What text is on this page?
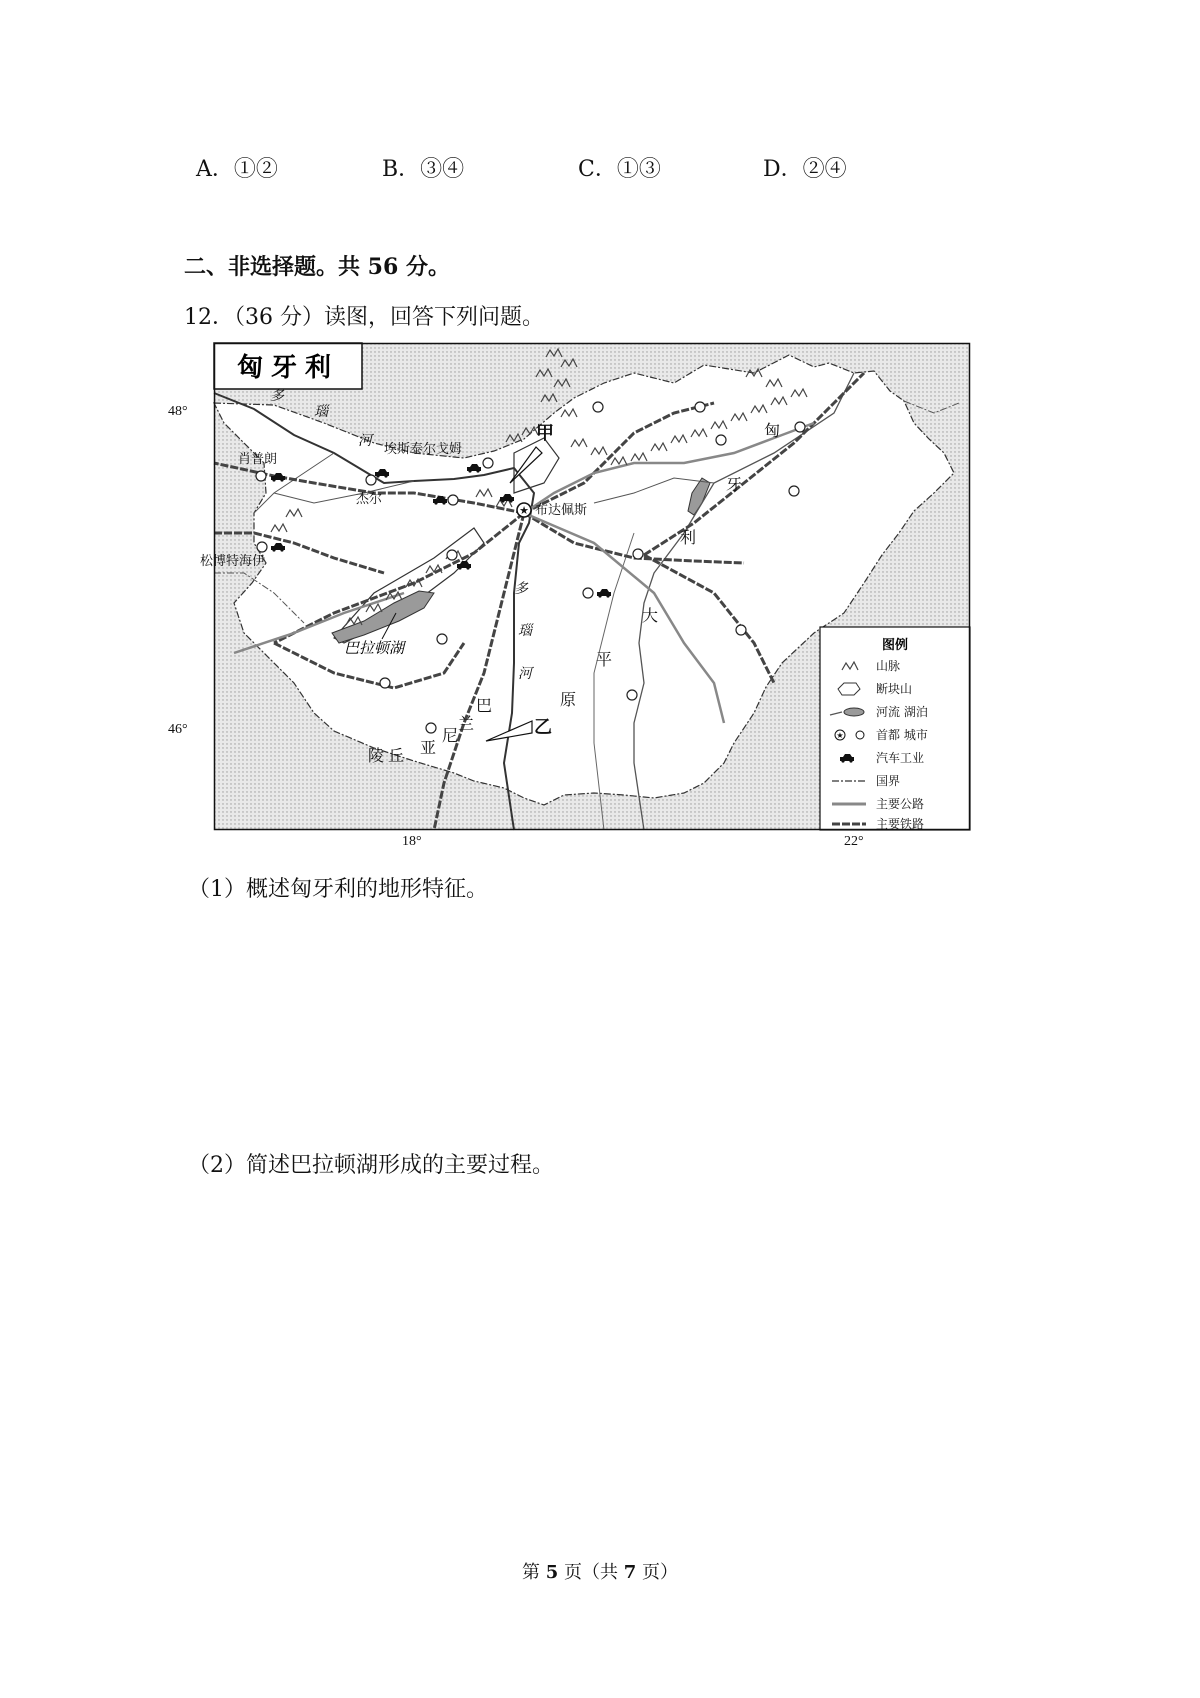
A．①②	B．③④	C．①③	D．②④
二、非选择题。共 56 分。
12．（36 分）读图，回答下列问题。
★
匈牙利
肖普朗
埃斯泰尔戈姆
杰尔
布达佩斯
松博特海伊
巴拉顿湖
多
瑙
河
多
瑙
河
甲
乙
匈
牙
利
大
平
原
巴
兰
陵 丘 亚
尼
图例
山脉
断块山
河流 湖泊
★	首都 城市
汽车工业
国界
主要公路
主要铁路
48°
46°
18°	22°
（1）概述匈牙利的地形特征。
（2）简述巴拉顿湖形成的主要过程。
第 5 页（共 7 页）
